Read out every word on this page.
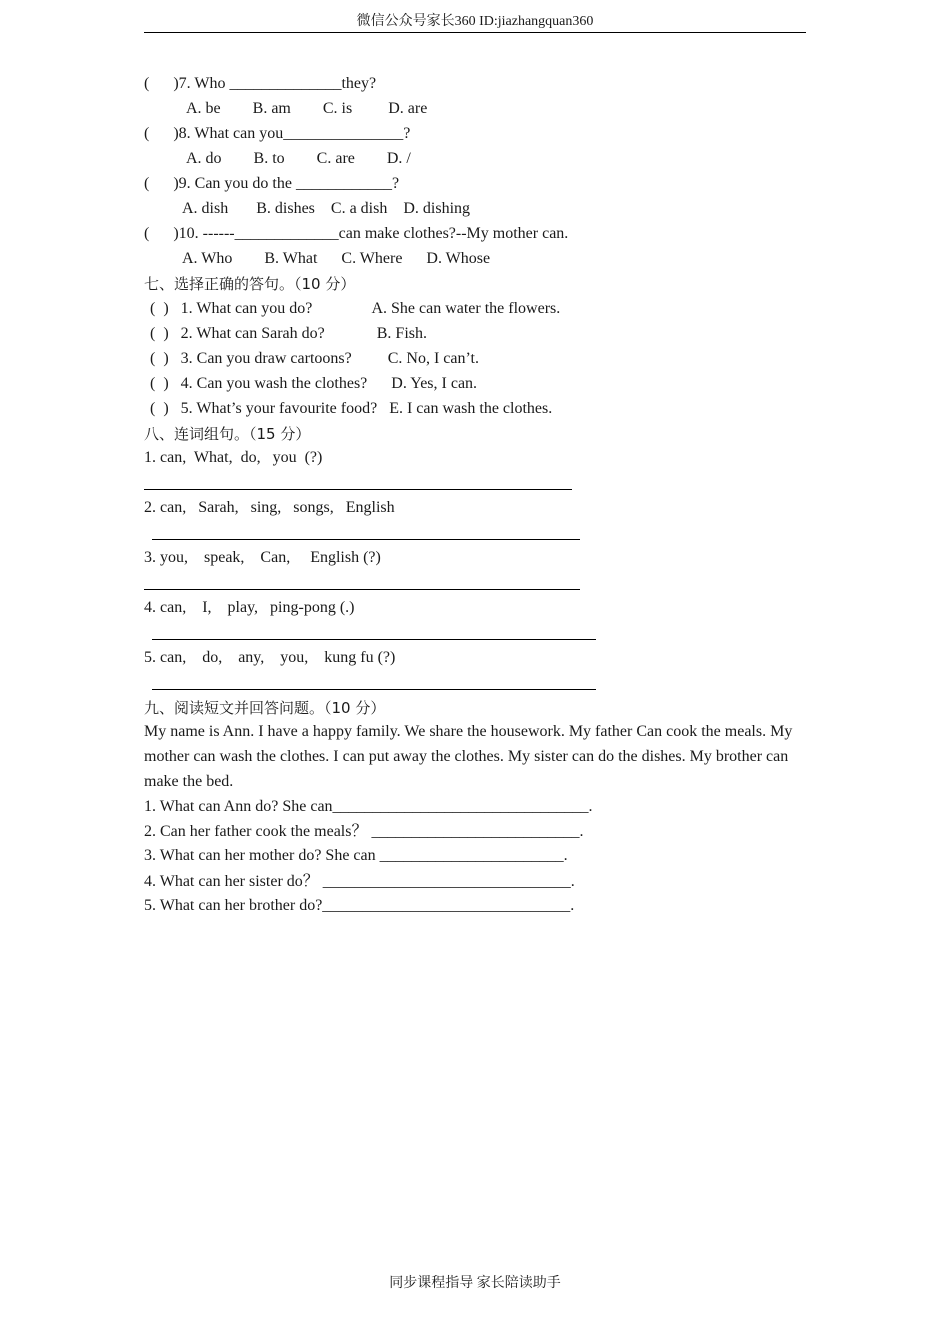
微信公众号家长360 ID:jiazhangquan360
(      )7. Who ______________they?
A. be        B. am        C. is         D. are
(      )8. What can you_______________?
A. do        B. to        C. are        D. /
(      )9. Can you do the ____________?
A. dish       B. dishes    C. a dish    D. dishing
(      )10. ------_____________can make clothes?--My mother can.
A. Who        B. What      C. Where      D. Whose
七、选择正确的答句。（10 分）
(  )   1. What can you do?               A. She can water the flowers.
(  )   2. What can Sarah do?             B. Fish.
(  )   3. Can you draw cartoons?         C. No, I can’t.
(  )   4. Can you wash the clothes?      D. Yes, I can.
(  )   5. What’s your favourite food?   E. I can wash the clothes.
八、连词组句。（15 分）
1. can,  What,  do,   you  (?)
2. can,   Sarah,   sing,   songs,   English
3. you,    speak,    Can,     English (?)
4. can,    I,    play,   ping-pong (.)
5. can,    do,    any,    you,    kung fu (?)
九、阅读短文并回答问题。（10 分）
My name is Ann. I have a happy family. We share the housework. My father Can cook the meals. My mother can wash the clothes. I can put away the clothes. My sister can do the dishes. My brother can make the bed.
1. What can Ann do? She can________________________________.
2. Can her father cook the meals？ __________________________.
3. What can her mother do? She can _______________________.
4. What can her sister do？ _______________________________.
5. What can her brother do?_______________________________.
同步课程指导 家长陪读助手
